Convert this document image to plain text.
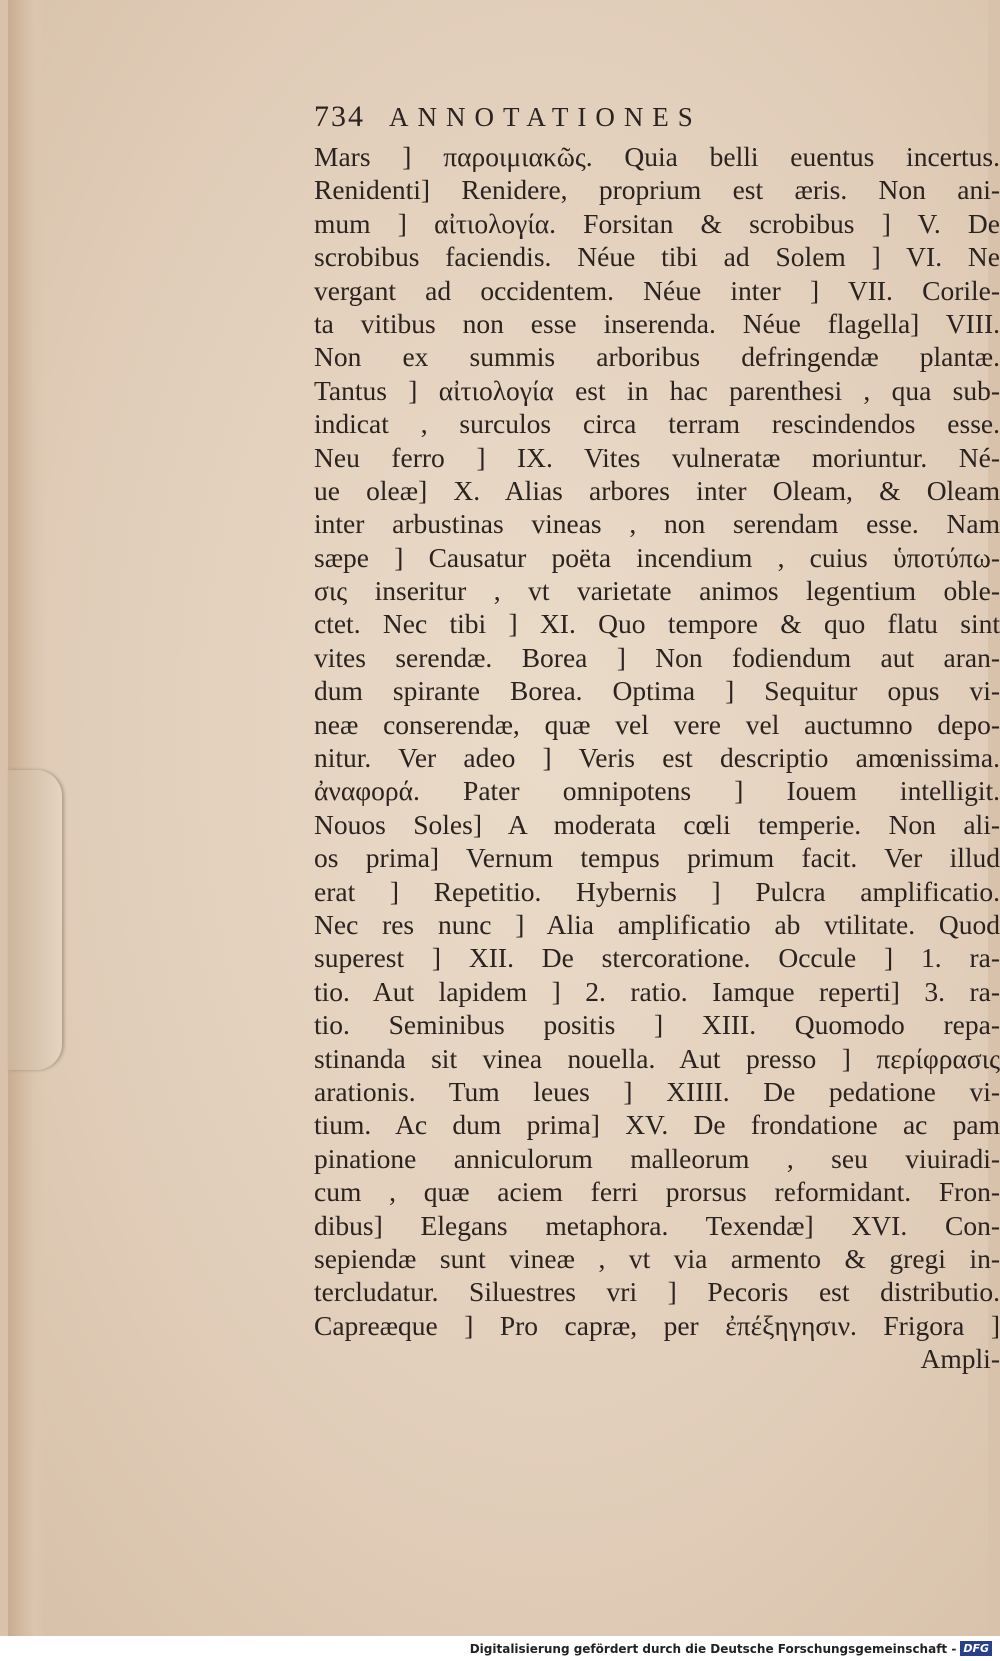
734 ANNOTATIONES
Mars ] παροιμιακῶς. Quia belli euentus incertus.
Renidenti] Renidere, proprium est æris. Non ani-
mum ] αἰτιολογία. Forsitan & scrobibus ] V. De
scrobibus faciendis. Néue tibi ad Solem ] VI. Ne
vergant ad occidentem. Néue inter ] VII. Corile-
ta vitibus non esse inserenda. Néue flagella] VIII.
Non ex summis arboribus defringendæ plantæ.
Tantus ] αἰτιολογία est in hac parenthesi , qua sub-
indicat , surculos circa terram rescindendos esse.
Neu ferro ] IX. Vites vulneratæ moriuntur. Né-
ue oleæ] X. Alias arbores inter Oleam, & Oleam
inter arbustinas vineas , non serendam esse. Nam
sæpe ] Causatur poëta incendium , cuius ὑποτύπω-
σις inseritur , vt varietate animos legentium oble-
ctet. Nec tibi ] XI. Quo tempore & quo flatu sint
vites serendæ. Borea ] Non fodiendum aut aran-
dum spirante Borea. Optima ] Sequitur opus vi-
neæ conserendæ, quæ vel vere vel auctumno depo-
nitur. Ver adeo ] Veris est descriptio amœnissima.
ἀναφορά. Pater omnipotens ] Iouem intelligit.
Nouos Soles] A moderata cœli temperie. Non ali-
os prima] Vernum tempus primum facit. Ver illud
erat ] Repetitio. Hybernis ] Pulcra amplificatio.
Nec res nunc ] Alia amplificatio ab vtilitate. Quod
superest ] XII. De stercoratione. Occule ] 1. ra-
tio. Aut lapidem ] 2. ratio. Iamque reperti] 3. ra-
tio. Seminibus positis ] XIII. Quomodo repa-
stinanda sit vinea nouella. Aut presso ] περίφρασις
arationis. Tum leues ] XIIII. De pedatione vi-
tium. Ac dum prima] XV. De frondatione ac pam
pinatione anniculorum malleorum , seu viuiradi-
cum , quæ aciem ferri prorsus reformidant. Fron-
dibus] Elegans metaphora. Texendæ] XVI. Con-
sepiendæ sunt vineæ , vt via armento & gregi in-
tercludatur. Siluestres vri ] Pecoris est distributio.
Capreæque ] Pro capræ, per ἐπέξηγησιν. Frigora ]
Ampli-
Digitalisierung gefördert durch die Deutsche Forschungsgemeinschaft - DFG
